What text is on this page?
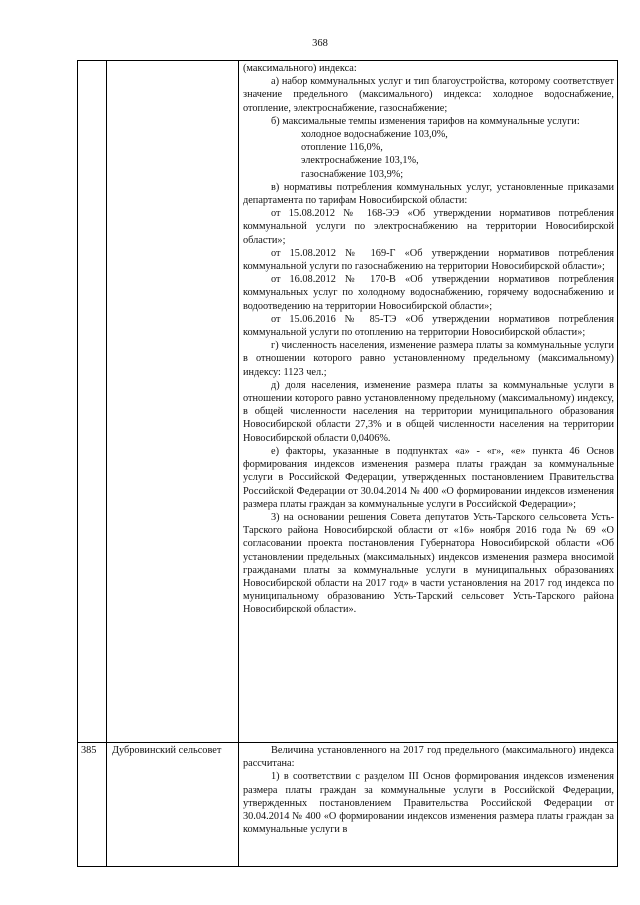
368

(максимального) индекса:

а) набор коммунальных услуг и тип благоустройства, которому соответствует значение предельного (максимального) индекса: холодное водоснабжение, отопление, электроснабжение, газоснабжение;

б) максимальные темпы изменения тарифов на коммунальные услуги:

холодное водоснабжение 103,0%,

отопление 116,0%,

электроснабжение 103,1%,

газоснабжение 103,9%;

в) нормативы потребления коммунальных услуг, установленные приказами департамента по тарифам Новосибирской области:

от 15.08.2012 № 168-ЭЭ «Об утверждении нормативов потребления коммунальной услуги по электроснабжению на территории Новосибирской области»;

от 15.08.2012 № 169-Г «Об утверждении нормативов потребления коммунальной услуги по газоснабжению на территории Новосибирской области»;

от 16.08.2012 № 170-В «Об утверждении нормативов потребления коммунальных услуг по холодному водоснабжению, горячему водоснабжению и водоотведению на территории Новосибирской области»;

от 15.06.2016 № 85-ТЭ «Об утверждении нормативов потребления коммунальной услуги по отоплению на территории Новосибирской области»;

г) численность населения, изменение размера платы за коммунальные услуги в отношении которого равно установленному предельному (максимальному) индексу: 1123 чел.;

д) доля населения, изменение размера платы за коммунальные услуги в отношении которого равно установленному предельному (максимальному) индексу, в общей численности населения на территории муниципального образования Новосибирской области 27,3% и в общей численности населения на территории Новосибирской области 0,0406%.

е) факторы, указанные в подпунктах «а» - «г», «е» пункта 46 Основ формирования индексов изменения размера платы граждан за коммунальные услуги в Российской Федерации, утвержденных постановлением Правительства Российской Федерации от 30.04.2014 № 400 «О формировании индексов изменения размера платы граждан за коммунальные услуги в Российской Федерации»;

3) на основании решения Совета депутатов Усть-Тарского сельсовета Усть-Тарского района Новосибирской области от «16» ноября 2016 года № 69 «О согласовании проекта постановления Губернатора Новосибирской области «Об установлении предельных (максимальных) индексов изменения размера вносимой гражданами платы за коммунальные услуги в муниципальных образованиях Новосибирской области на 2017 год» в части установления на 2017 год индекса по муниципальному образованию Усть-Тарский сельсовет Усть-Тарского района Новосибирской области».

385 Дубровинский сельсовет	Величина установленного на 2017 год предельного (максимального) индекса рассчитана:

1) в соответствии с разделом III Основ формирования индексов изменения размера платы граждан за коммунальные услуги в Российской Федерации, утвержденных постановлением Правительства Российской Федерации от 30.04.2014 № 400 «О формировании индексов изменения размера платы граждан за коммунальные услуги в
